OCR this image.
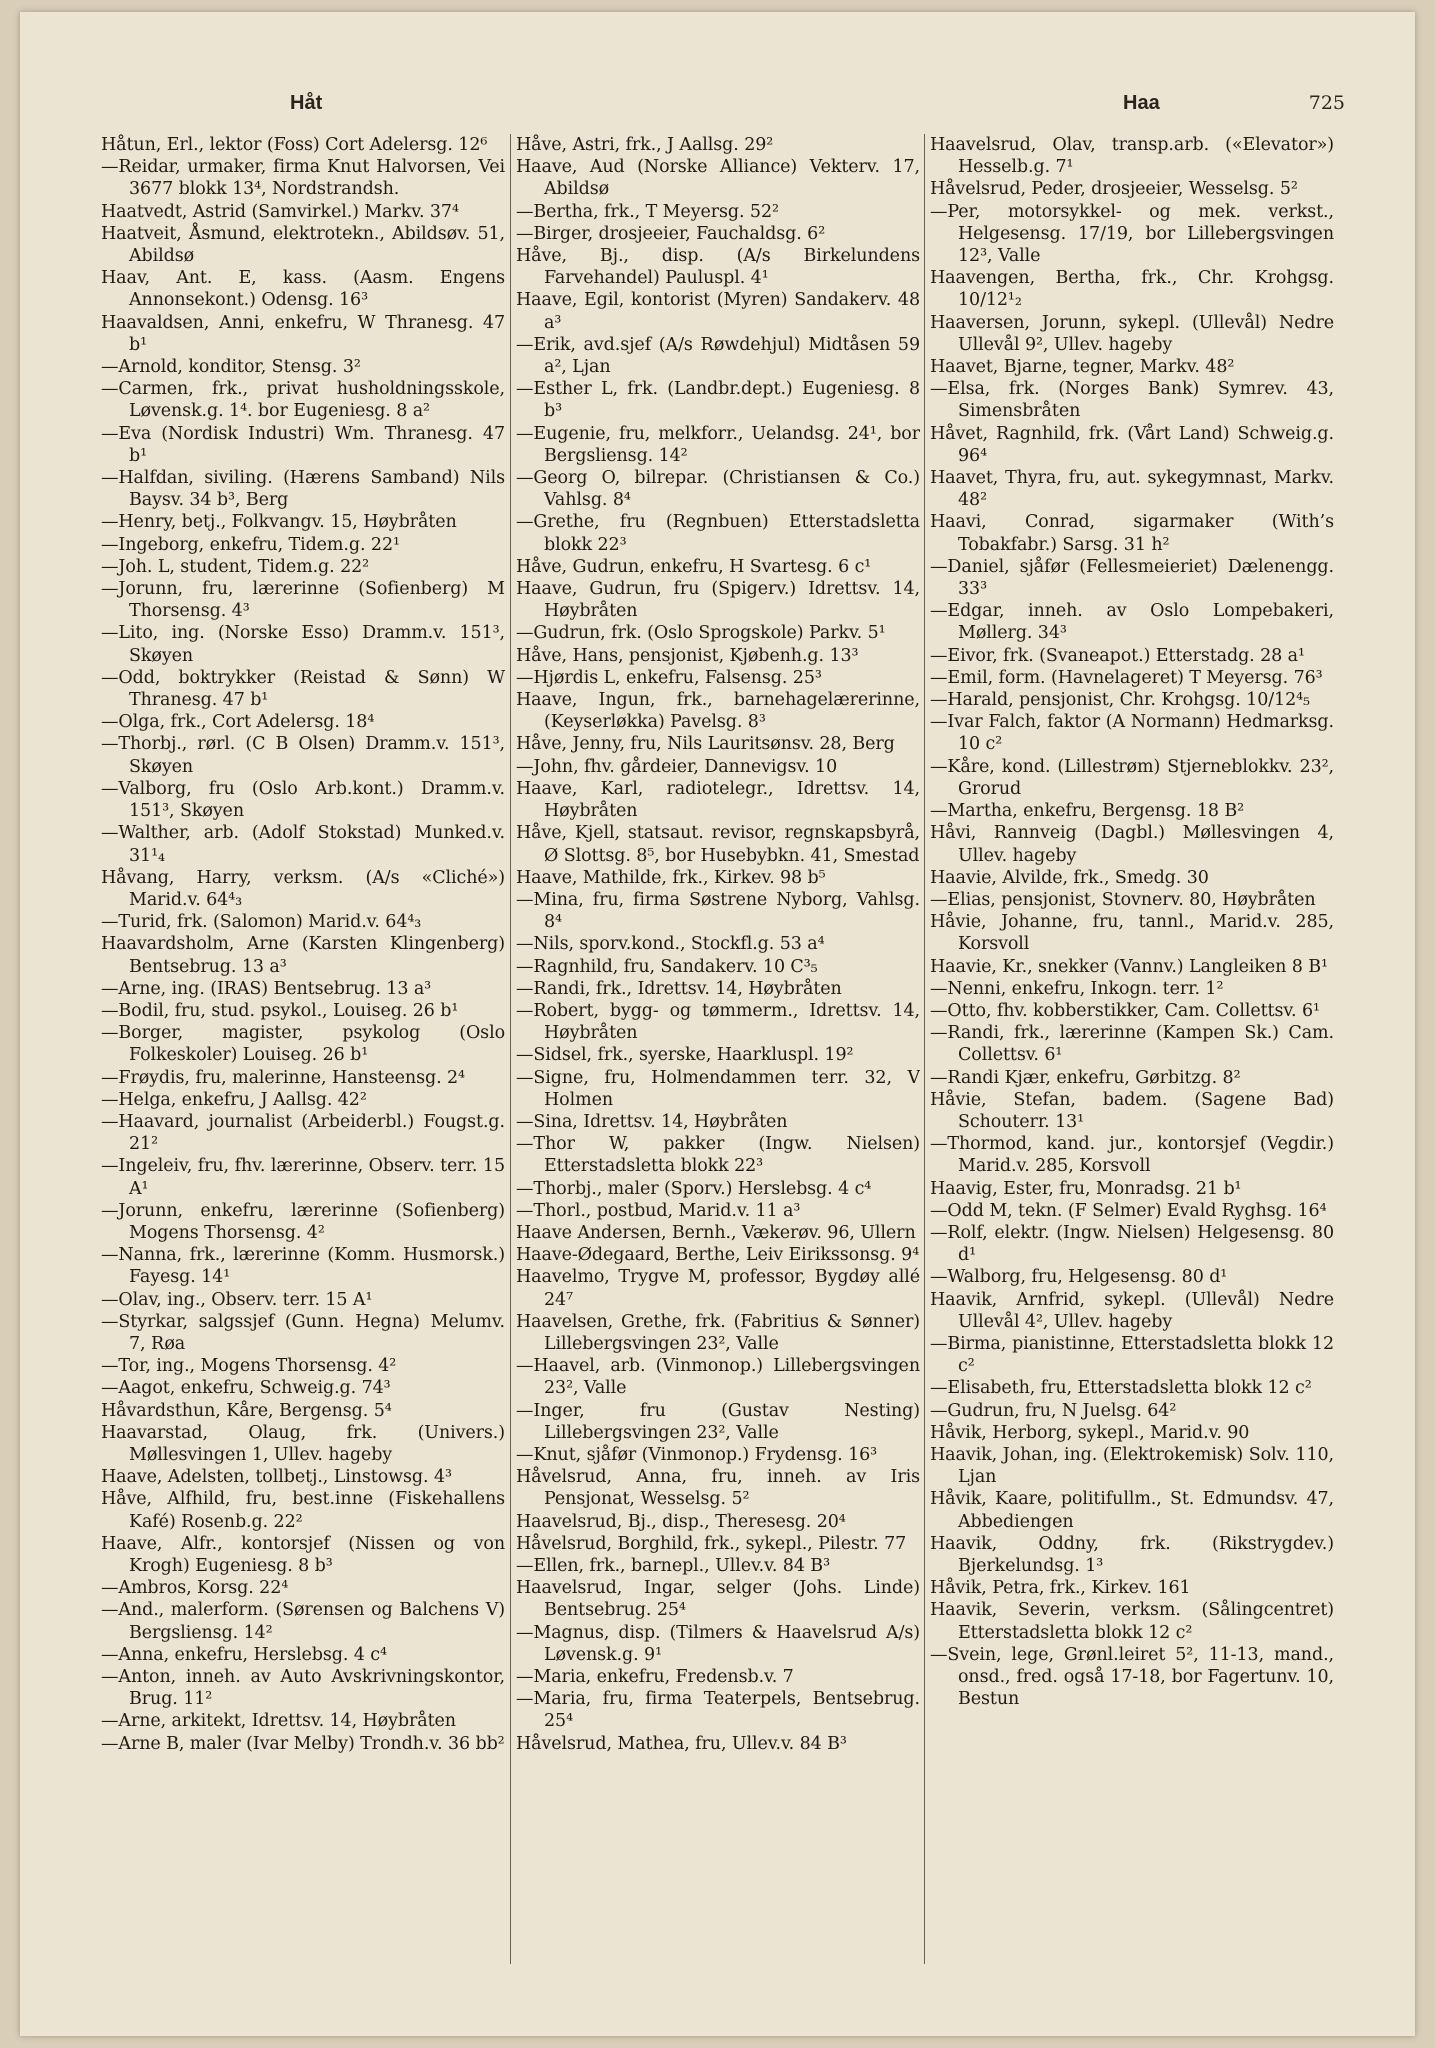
Håt	Haa	725
Håtun, Erl., lektor (Foss) Cort Adelersg. 12⁶
—Reidar, urmaker, firma Knut Halvorsen, Vei 3677 blokk 13⁴, Nordstrandsh.
Haatvedt, Astrid (Samvirkel.) Markv. 37⁴
Haatveit, Åsmund, elektrotekn., Abildsøv. 51, Abildsø
Haav, Ant. E, kass. (Aasm. Engens Annonsekont.) Odensg. 16³
Haavaldsen, Anni, enkefru, W Thranesg. 47 b¹
—Arnold, konditor, Stensg. 3²
—Carmen, frk., privat husholdningsskole, Løvensk.g. 1⁴. bor Eugeniesg. 8 a²
—Eva (Nordisk Industri) Wm. Thranesg. 47 b¹
—Halfdan, siviling. (Hærens Samband) Nils Baysv. 34 b³, Berg
—Henry, betj., Folkvangv. 15, Høybråten
—Ingeborg, enkefru, Tidem.g. 22¹
—Joh. L, student, Tidem.g. 22²
—Jorunn, fru, lærerinne (Sofienberg) M Thorsensg. 4³
—Lito, ing. (Norske Esso) Dramm.v. 151³, Skøyen
—Odd, boktrykker (Reistad & Sønn) W Thranesg. 47 b¹
—Olga, frk., Cort Adelersg. 18⁴
—Thorbj., rørl. (C B Olsen) Dramm.v. 151³, Skøyen
—Valborg, fru (Oslo Arb.kont.) Dramm.v. 151³, Skøyen
—Walther, arb. (Adolf Stokstad) Munked.v. 31¹₄
Håvang, Harry, verksm. (A/s «Cliché») Marid.v. 64⁴₃
—Turid, frk. (Salomon) Marid.v. 64⁴₃
Haavardsholm, Arne (Karsten Klingenberg) Bentsebrug. 13 a³
—Arne, ing. (IRAS) Bentsebrug. 13 a³
—Bodil, fru, stud. psykol., Louiseg. 26 b¹
—Borger, magister, psykolog (Oslo Folkeskoler) Louiseg. 26 b¹
—Frøydis, fru, malerinne, Hansteensg. 2⁴
—Helga, enkefru, J Aallsg. 42²
—Haavard, journalist (Arbeiderbl.) Fougst.g. 21²
—Ingeleiv, fru, fhv. lærerinne, Observ. terr. 15 A¹
—Jorunn, enkefru, lærerinne (Sofienberg) Mogens Thorsensg. 4²
—Nanna, frk., lærerinne (Komm. Husmorsk.) Fayesg. 14¹
—Olav, ing., Observ. terr. 15 A¹
—Styrkar, salgssjef (Gunn. Hegna) Melumv. 7, Røa
—Tor, ing., Mogens Thorsensg. 4²
—Aagot, enkefru, Schweig.g. 74³
Håvardsthun, Kåre, Bergensg. 5⁴
Haavarstad, Olaug, frk. (Univers.) Møllesvingen 1, Ullev. hageby
Haave, Adelsten, tollbetj., Linstowsg. 4³
Håve, Alfhild, fru, best.inne (Fiskehallens Kafé) Rosenb.g. 22²
Haave, Alfr., kontorsjef (Nissen og von Krogh) Eugeniesg. 8 b³
—Ambros, Korsg. 22⁴
—And., malerform. (Sørensen og Balchens V) Bergsliensg. 14²
—Anna, enkefru, Herslebsg. 4 c⁴
—Anton, inneh. av Auto Avskrivningskontor, Brug. 11²
—Arne, arkitekt, Idrettsv. 14, Høybråten
—Arne B, maler (Ivar Melby) Trondh.v. 36 bb²
Håve, Astri, frk., J Aallsg. 29²
Haave, Aud (Norske Alliance) Vekterv. 17, Abildsø
—Bertha, frk., T Meyersg. 52²
—Birger, drosjeeier, Fauchaldsg. 6²
Håve, Bj., disp. (A/s Birkelundens Farvehandel) Pauluspl. 4¹
Haave, Egil, kontorist (Myren) Sandakerv. 48 a³
—Erik, avd.sjef (A/s Røwdehjul) Midtåsen 59 a², Ljan
—Esther L, frk. (Landbr.dept.) Eugeniesg. 8 b³
—Eugenie, fru, melkforr., Uelandsg. 24¹, bor Bergsliensg. 14²
—Georg O, bilrepar. (Christiansen & Co.) Vahlsg. 8⁴
—Grethe, fru (Regnbuen) Etterstadsletta blokk 22³
Håve, Gudrun, enkefru, H Svartesg. 6 c¹
Haave, Gudrun, fru (Spigerv.) Idrettsv. 14, Høybråten
—Gudrun, frk. (Oslo Sprogskole) Parkv. 5¹
Håve, Hans, pensjonist, Kjøbenh.g. 13³
—Hjørdis L, enkefru, Falsensg. 25³
Haave, Ingun, frk., barnehagelærerinne, (Keyserløkka) Pavelsg. 8³
Håve, Jenny, fru, Nils Lauritsønsv. 28, Berg
—John, fhv. gårdeier, Dannevigsv. 10
Haave, Karl, radiotelegr., Idrettsv. 14, Høybråten
Håve, Kjell, statsaut. revisor, regnskapsbyrå, Ø Slottsg. 8⁵, bor Husebybkn. 41, Smestad
Haave, Mathilde, frk., Kirkev. 98 b⁵
—Mina, fru, firma Søstrene Nyborg, Vahlsg. 8⁴
—Nils, sporv.kond., Stockfl.g. 53 a⁴
—Ragnhild, fru, Sandakerv. 10 C³₅
—Randi, frk., Idrettsv. 14, Høybråten
—Robert, bygg- og tømmerm., Idrettsv. 14, Høybråten
—Sidsel, frk., syerske, Haarkluspl. 19²
—Signe, fru, Holmendammen terr. 32, V Holmen
—Sina, Idrettsv. 14, Høybråten
—Thor W, pakker (Ingw. Nielsen) Etterstadsletta blokk 22³
—Thorbj., maler (Sporv.) Herslebsg. 4 c⁴
—Thorl., postbud, Marid.v. 11 a³
Haave Andersen, Bernh., Vækerøv. 96, Ullern
Haave-Ødegaard, Berthe, Leiv Eirikssonsg. 9⁴
Haavelmo, Trygve M, professor, Bygdøy allé 24⁷
Haavelsen, Grethe, frk. (Fabritius & Sønner) Lillebergsvingen 23², Valle
—Haavel, arb. (Vinmonop.) Lillebergsvingen 23², Valle
—Inger, fru (Gustav Nesting) Lillebergsvingen 23², Valle
—Knut, sjåfør (Vinmonop.) Frydensg. 16³
Håvelsrud, Anna, fru, inneh. av Iris Pensjonat, Wesselsg. 5²
Haavelsrud, Bj., disp., Theresesg. 20⁴
Håvelsrud, Borghild, frk., sykepl., Pilestr. 77
—Ellen, frk., barnepl., Ullev.v. 84 B³
Haavelsrud, Ingar, selger (Johs. Linde) Bentsebrug. 25⁴
—Magnus, disp. (Tilmers & Haavelsrud A/s) Løvensk.g. 9¹
—Maria, enkefru, Fredensb.v. 7
—Maria, fru, firma Teaterpels, Bentsebrug. 25⁴
Håvelsrud, Mathea, fru, Ullev.v. 84 B³
Haavelsrud, Olav, transp.arb. («Elevator») Hesselb.g. 7¹
Håvelsrud, Peder, drosjeeier, Wesselsg. 5²
—Per, motorsykkel- og mek. verkst., Helgesensg. 17/19, bor Lillebergsvingen 12³, Valle
Haavengen, Bertha, frk., Chr. Krohgsg. 10/12¹₂
Haaversen, Jorunn, sykepl. (Ullevål) Nedre Ullevål 9², Ullev. hageby
Haavet, Bjarne, tegner, Markv. 48²
—Elsa, frk. (Norges Bank) Symrev. 43, Simensbråten
Håvet, Ragnhild, frk. (Vårt Land) Schweig.g. 96⁴
Haavet, Thyra, fru, aut. sykegymnast, Markv. 48²
Haavi, Conrad, sigarmaker (With’s Tobakfabr.) Sarsg. 31 h²
—Daniel, sjåfør (Fellesmeieriet) Dælenengg. 33³
—Edgar, inneh. av Oslo Lompebakeri, Møllerg. 34³
—Eivor, frk. (Svaneapot.) Etterstadg. 28 a¹
—Emil, form. (Havnelageret) T Meyersg. 76³
—Harald, pensjonist, Chr. Krohgsg. 10/12⁴₅
—Ivar Falch, faktor (A Normann) Hedmarksg. 10 c²
—Kåre, kond. (Lillestrøm) Stjerneblokkv. 23², Grorud
—Martha, enkefru, Bergensg. 18 B²
Håvi, Rannveig (Dagbl.) Møllesvingen 4, Ullev. hageby
Haavie, Alvilde, frk., Smedg. 30
—Elias, pensjonist, Stovnerv. 80, Høybråten
Håvie, Johanne, fru, tannl., Marid.v. 285, Korsvoll
Haavie, Kr., snekker (Vannv.) Langleiken 8 B¹
—Nenni, enkefru, Inkogn. terr. 1²
—Otto, fhv. kobberstikker, Cam. Collettsv. 6¹
—Randi, frk., lærerinne (Kampen Sk.) Cam. Collettsv. 6¹
—Randi Kjær, enkefru, Gørbitzg. 8²
Håvie, Stefan, badem. (Sagene Bad) Schouterr. 13¹
—Thormod, kand. jur., kontorsjef (Vegdir.) Marid.v. 285, Korsvoll
Haavig, Ester, fru, Monradsg. 21 b¹
—Odd M, tekn. (F Selmer) Evald Ryghsg. 16⁴
—Rolf, elektr. (Ingw. Nielsen) Helgesensg. 80 d¹
—Walborg, fru, Helgesensg. 80 d¹
Haavik, Arnfrid, sykepl. (Ullevål) Nedre Ullevål 4², Ullev. hageby
—Birma, pianistinne, Etterstadsletta blokk 12 c²
—Elisabeth, fru, Etterstadsletta blokk 12 c²
—Gudrun, fru, N Juelsg. 64²
Håvik, Herborg, sykepl., Marid.v. 90
Haavik, Johan, ing. (Elektrokemisk) Solv. 110, Ljan
Håvik, Kaare, politifullm., St. Edmundsv. 47, Abbediengen
Haavik, Oddny, frk. (Rikstrygdev.) Bjerkelundsg. 1³
Håvik, Petra, frk., Kirkev. 161
Haavik, Severin, verksm. (Sålingcentret) Etterstadsletta blokk 12 c²
—Svein, lege, Grønl.leiret 5², 11-13, mand., onsd., fred. også 17-18, bor Fagertunv. 10, Bestun
